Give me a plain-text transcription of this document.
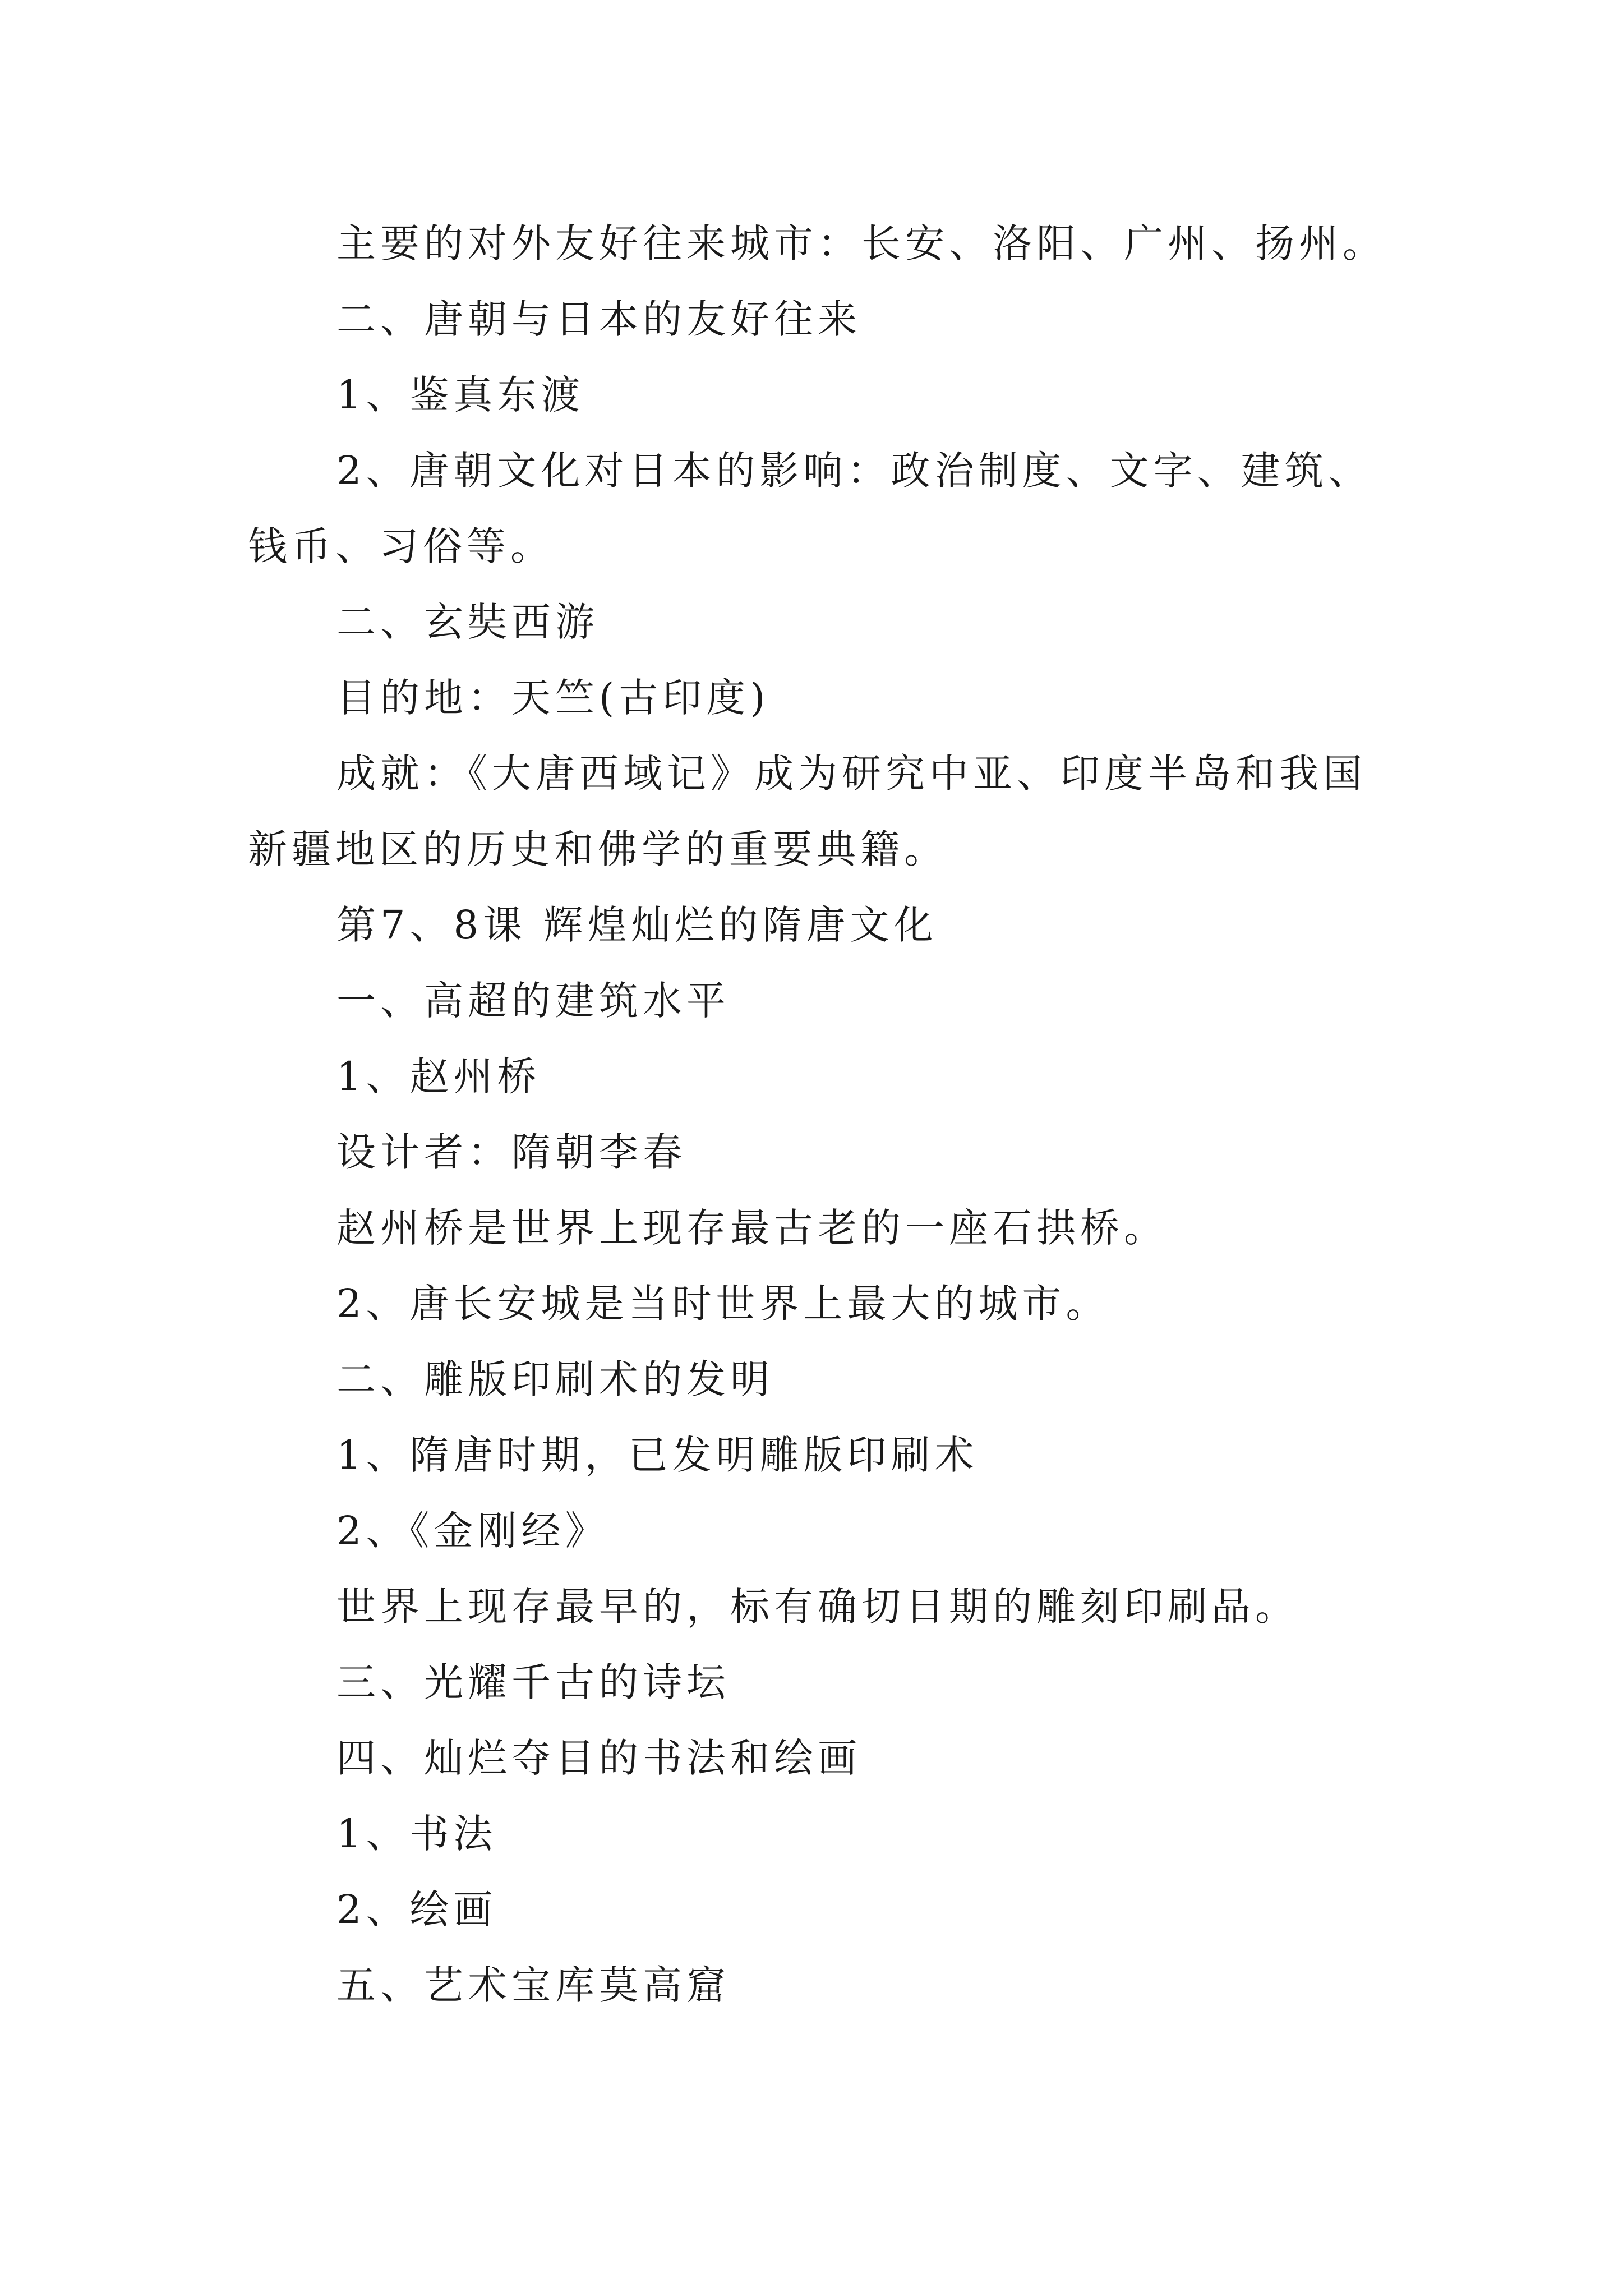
主要的对外友好往来城市：长安、洛阳、广州、扬州。

二、唐朝与日本的友好往来

1、鉴真东渡

2、唐朝文化对日本的影响：政治制度、文字、建筑、钱币、习俗等。

二、玄奘西游

目的地：天竺(古印度)

成就：《大唐西域记》成为研究中亚、印度半岛和我国新疆地区的历史和佛学的重要典籍。

第7、8课 辉煌灿烂的隋唐文化

一、高超的建筑水平

1、赵州桥

设计者：隋朝李春

赵州桥是世界上现存最古老的一座石拱桥。

2、唐长安城是当时世界上最大的城市。

二、雕版印刷术的发明

1、隋唐时期，已发明雕版印刷术

2、《金刚经》

世界上现存最早的，标有确切日期的雕刻印刷品。

三、光耀千古的诗坛

四、灿烂夺目的书法和绘画

1、书法

2、绘画

五、艺术宝库莫高窟
